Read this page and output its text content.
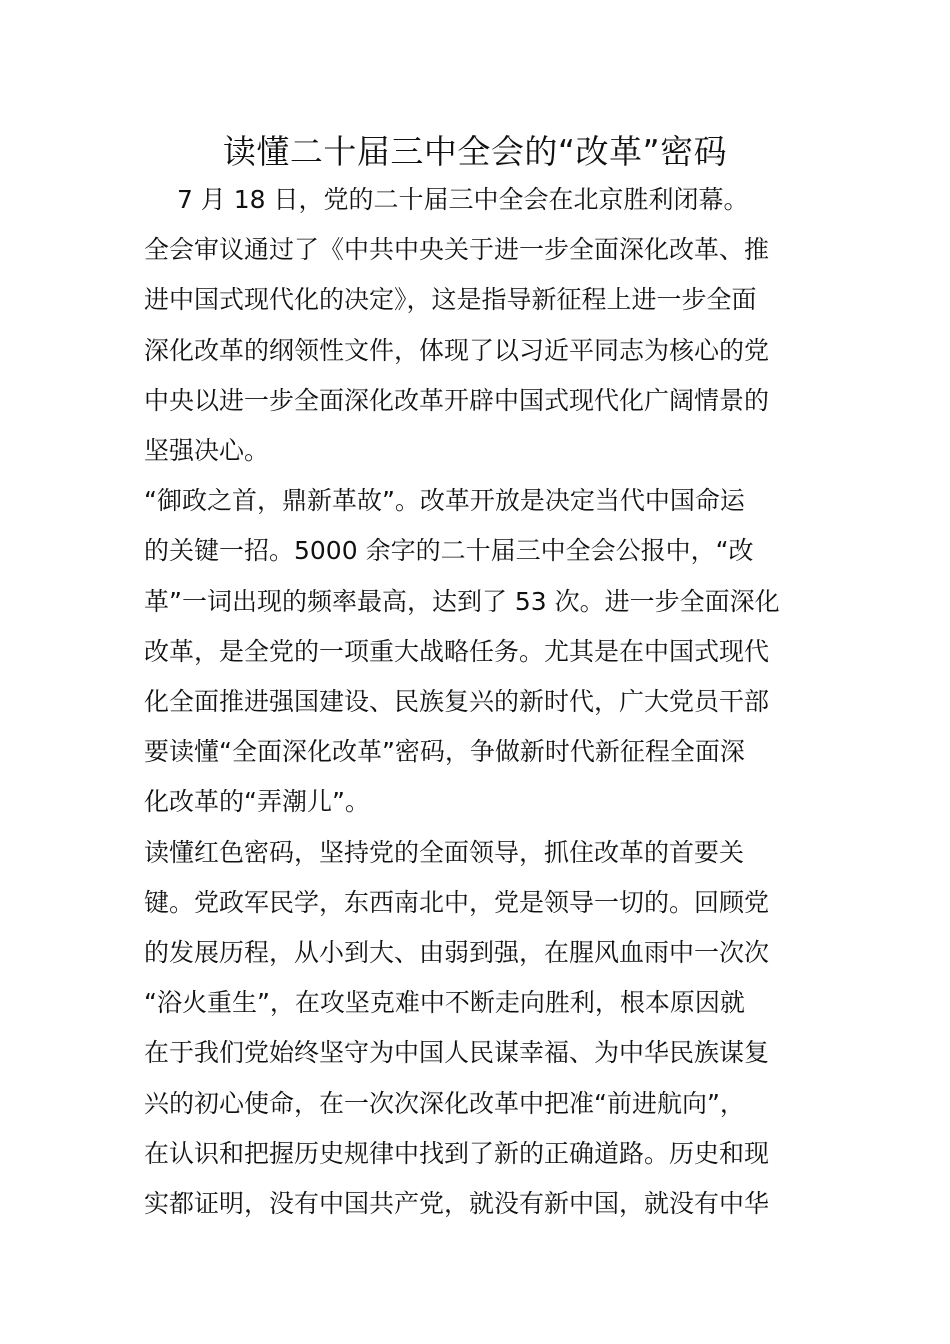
读懂二十届三中全会的“改革”密码

　 7 月 18 日，党的二十届三中全会在北京胜利闭幕。

全会审议通过了《中共中央关于进一步全面深化改革、推

进中国式现代化的决定》，这是指导新征程上进一步全面

深化改革的纲领性文件，体现了以习近平同志为核心的党

中央以进一步全面深化改革开辟中国式现代化广阔情景的

坚强决心。

“御政之首，鼎新革故”。改革开放是决定当代中国命运

的关键一招。5000 余字的二十届三中全会公报中，“改

革”一词出现的频率最高，达到了 53 次。进一步全面深化

改革，是全党的一项重大战略任务。尤其是在中国式现代

化全面推进强国建设、民族复兴的新时代，广大党员干部

要读懂“全面深化改革”密码，争做新时代新征程全面深

化改革的“弄潮儿”。

读懂红色密码，坚持党的全面领导，抓住改革的首要关

键。党政军民学，东西南北中，党是领导一切的。回顾党

的发展历程，从小到大、由弱到强，在腥风血雨中一次次

“浴火重生”，在攻坚克难中不断走向胜利，根本原因就

在于我们党始终坚守为中国人民谋幸福、为中华民族谋复

兴的初心使命，在一次次深化改革中把准“前进航向”，

在认识和把握历史规律中找到了新的正确道路。历史和现

实都证明，没有中国共产党，就没有新中国，就没有中华
